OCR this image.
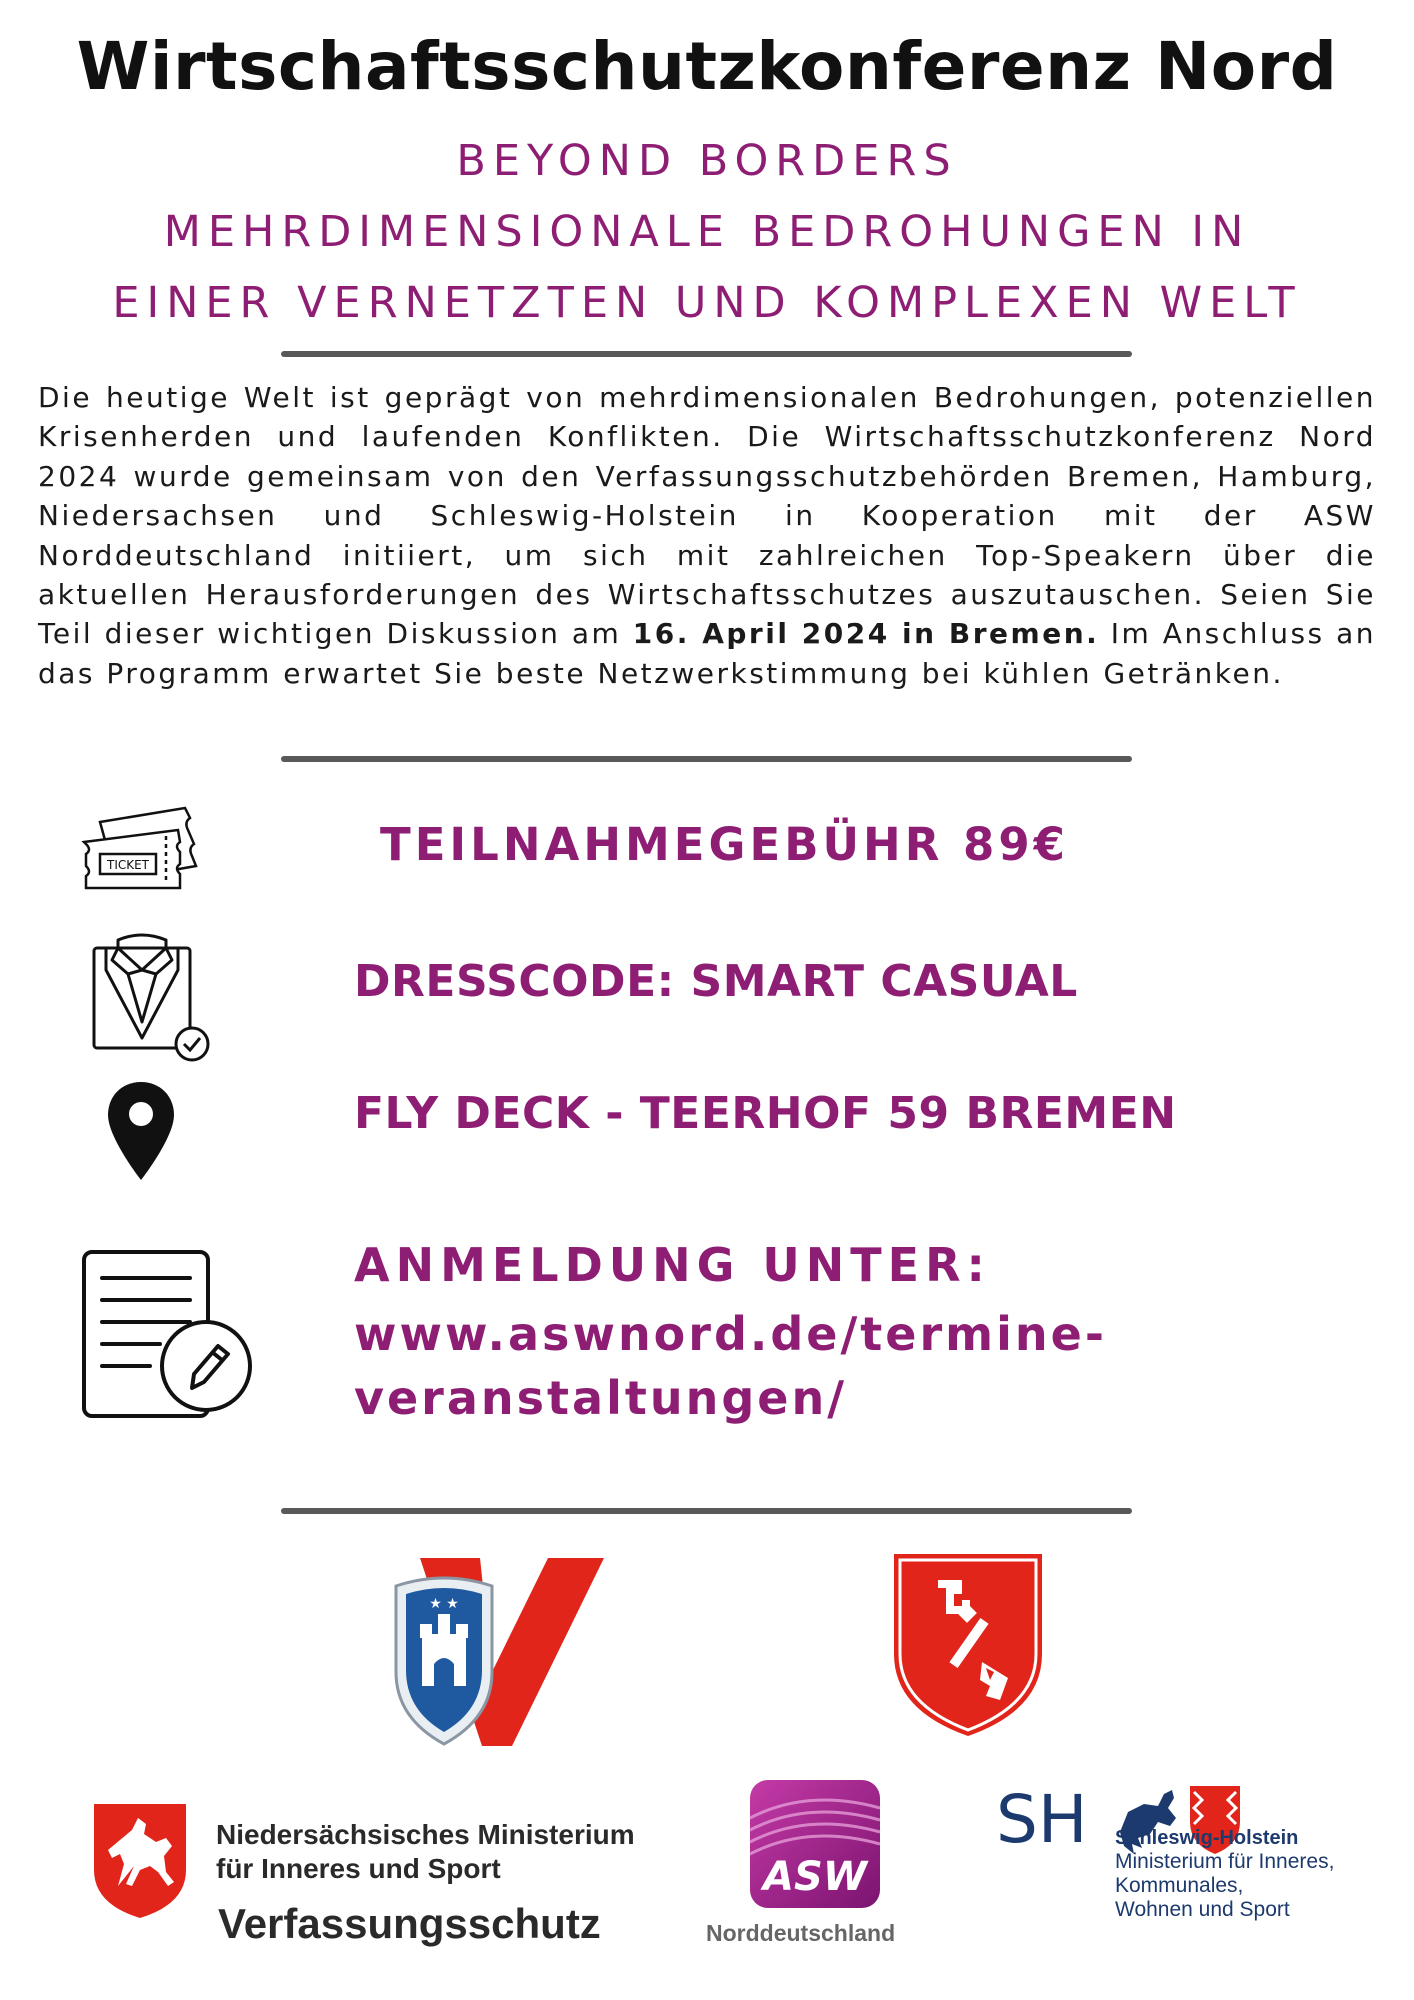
Wirtschaftsschutzkonferenz Nord
BEYOND BORDERS
MEHRDIMENSIONALE BEDROHUNGEN IN
EINER VERNETZTEN UND KOMPLEXEN WELT

Die heutige Welt ist geprägt von mehrdimensionalen Bedrohungen, potenziellen Krisenherden und laufenden Konflikten. Die Wirtschaftsschutzkonferenz Nord 2024 wurde gemeinsam von den Verfassungsschutzbehörden Bremen, Hamburg, Niedersachsen und Schleswig-Holstein in Kooperation mit der ASW Norddeutschland initiiert, um sich mit zahlreichen Top-Speakern über die aktuellen Herausforderungen des Wirtschaftsschutzes auszutauschen. Seien Sie Teil dieser wichtigen Diskussion am 16. April 2024 in Bremen. Im Anschluss an das Programm erwartet Sie beste Netzwerkstimmung bei kühlen Getränken.

TICKET	TEILNAHMEGEBÜHR 89€
DRESSCODE: SMART CASUAL
FLY DECK - TEERHOF 59 BREMEN
ANMELDUNG UNTER:
www.aswnord.de/termine-veranstaltungen/
★ ★
Niedersächsisches Ministerium
für Inneres und Sport
Verfassungsschutz
ASW
Norddeutschland
SH Schleswig-Holstein
Ministerium für Inneres,
Kommunales,
Wohnen und Sport
